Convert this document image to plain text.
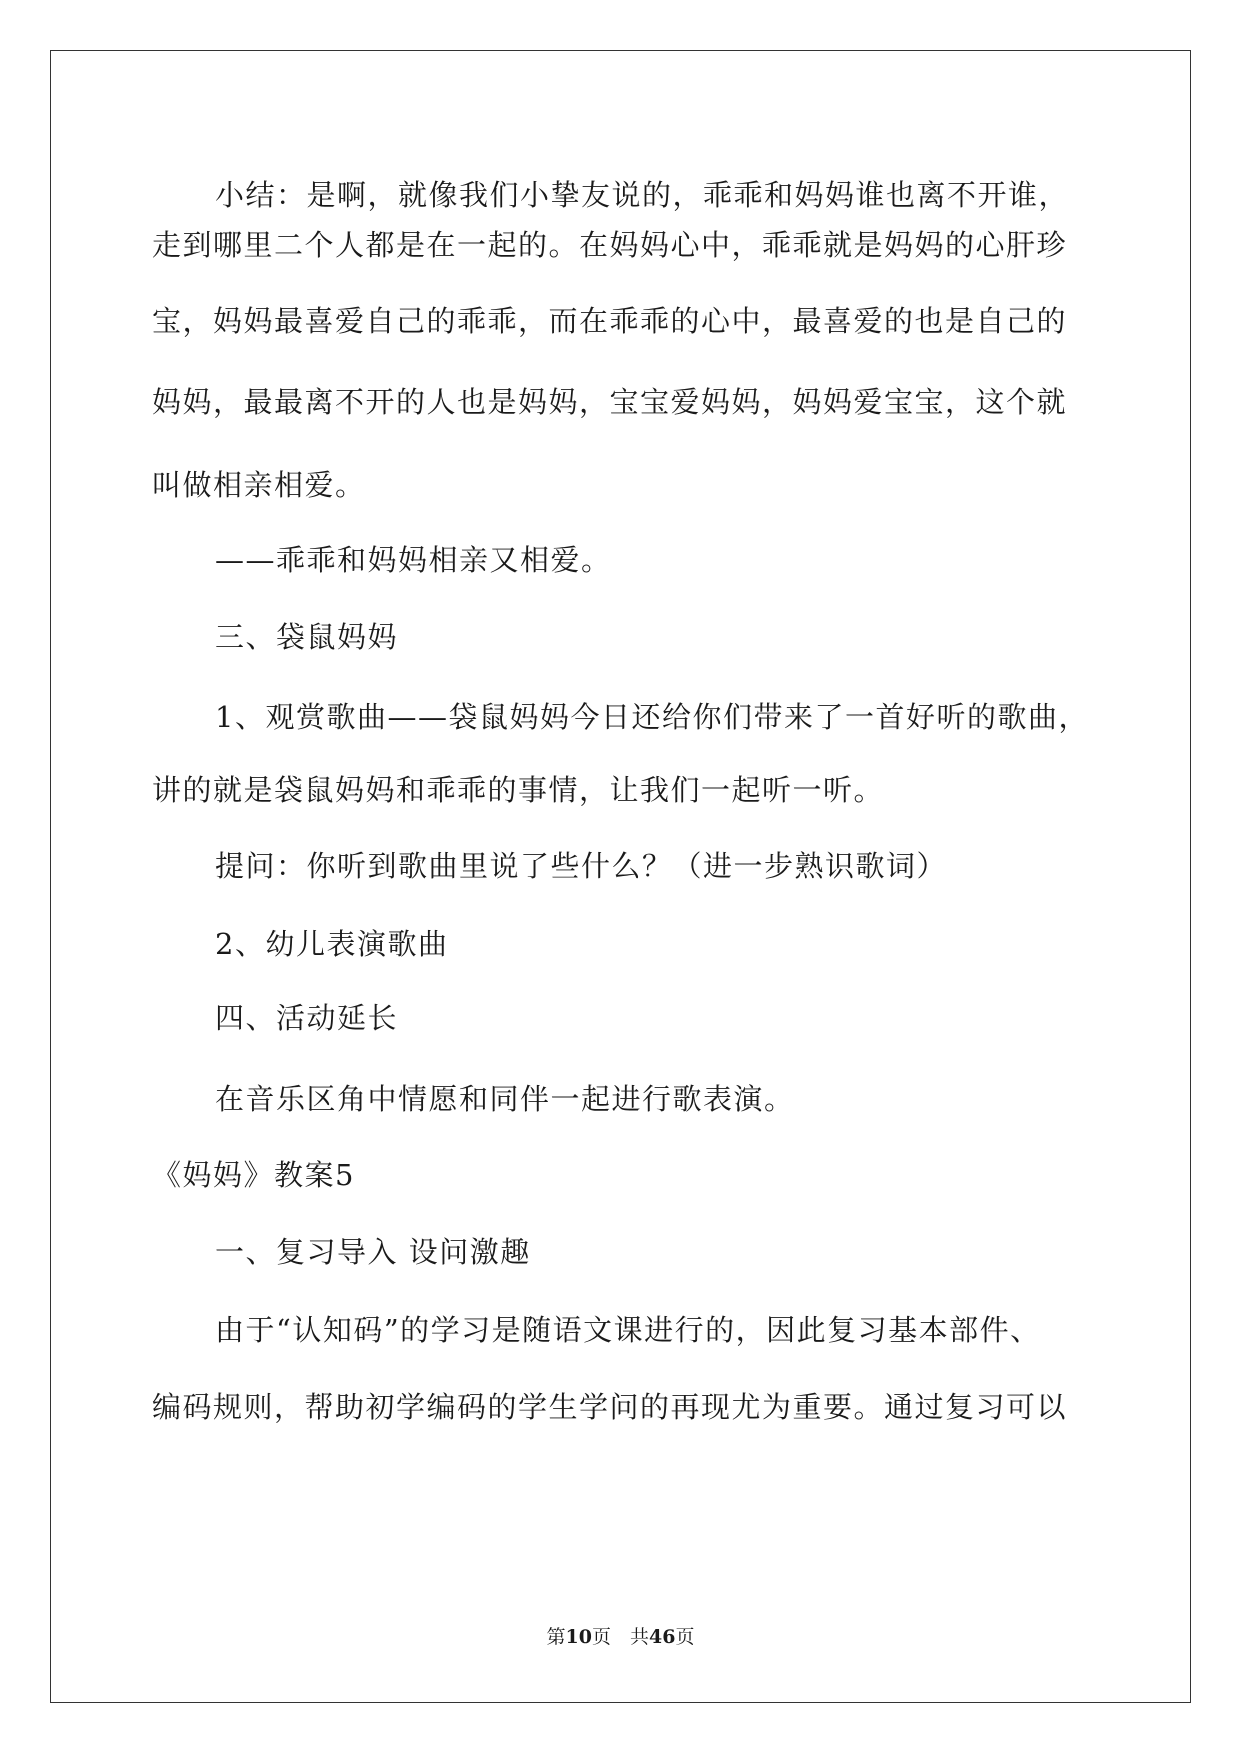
小结：是啊，就像我们小挚友说的，乖乖和妈妈谁也离不开谁，
走到哪里二个人都是在一起的。在妈妈心中，乖乖就是妈妈的心肝珍
宝，妈妈最喜爱自己的乖乖，而在乖乖的心中，最喜爱的也是自己的
妈妈，最最离不开的人也是妈妈，宝宝爱妈妈，妈妈爱宝宝，这个就
叫做相亲相爱。
——乖乖和妈妈相亲又相爱。
三、袋鼠妈妈
1、观赏歌曲——袋鼠妈妈今日还给你们带来了一首好听的歌曲，
讲的就是袋鼠妈妈和乖乖的事情，让我们一起听一听。
提问：你听到歌曲里说了些什么？（进一步熟识歌词）
2、幼儿表演歌曲
四、活动延长
在音乐区角中情愿和同伴一起进行歌表演。
《妈妈》教案5
一、复习导入 设问激趣
由于“认知码”的学习是随语文课进行的，因此复习基本部件、
编码规则，帮助初学编码的学生学问的再现尤为重要。通过复习可以
第10页　共46页
